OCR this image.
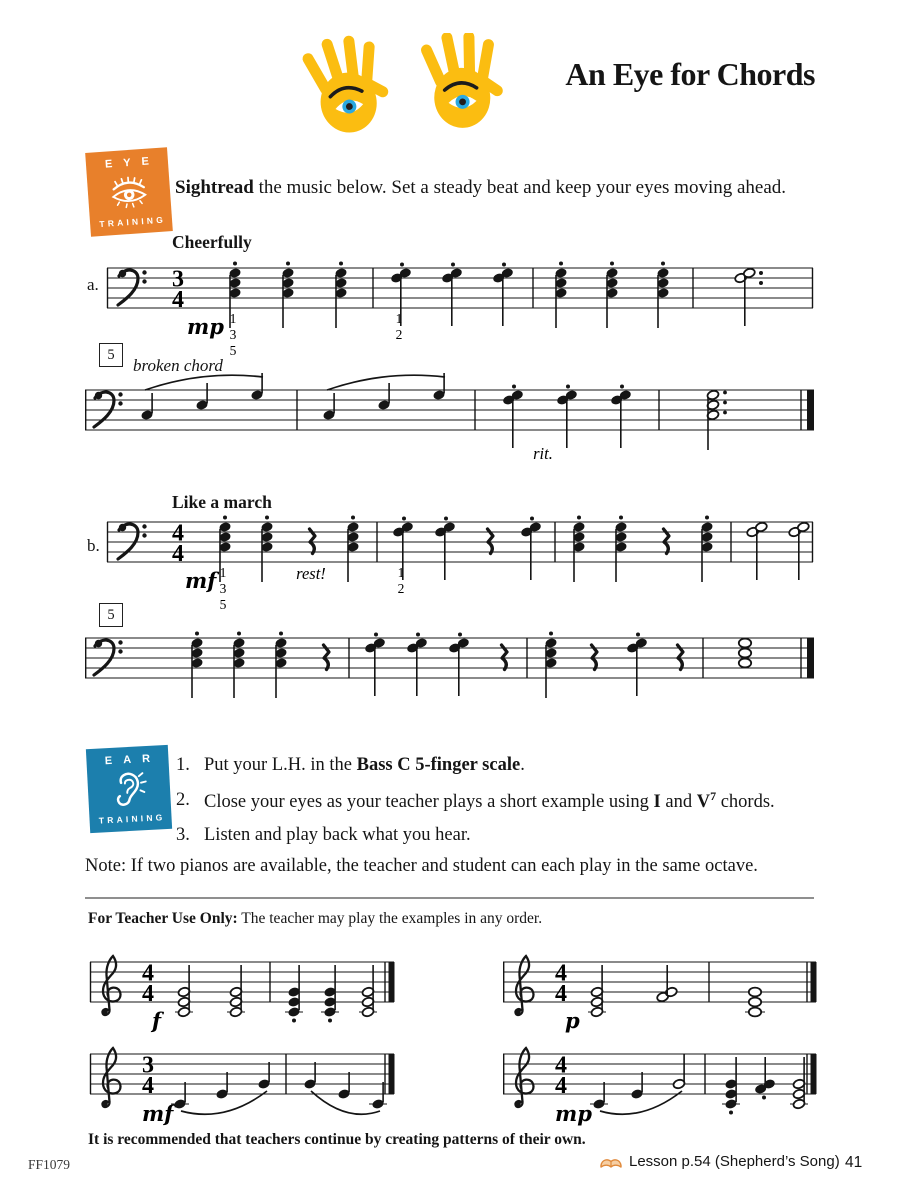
An Eye for Chords
EYE
TRAINING
Sightread the music below. Set a steady beat and keep your eyes moving ahead.
Cheerfully
a.	3
4
mp 1
3
5
1
2
5
broken chord
rit.
Like a march
b.	4
4
mf 1
3
5
rest!	1
2
5
EAR
TRAINING
1. Put your L.H. in the Bass C 5-finger scale.
2. Close your eyes as your teacher plays a short example using I and $V^7$ chords.
3. Listen and play back what you hear.
Note: If two pianos are available, the teacher and student can each play in the same octave.
For Teacher Use Only: The teacher may play the examples in any order.
4
4
f
4
4
p
3
4
mf
4
4
mp
It is recommended that teachers continue by creating patterns of their own.
FF1079	Lesson p.54 (Shepherd’s Song) 41
